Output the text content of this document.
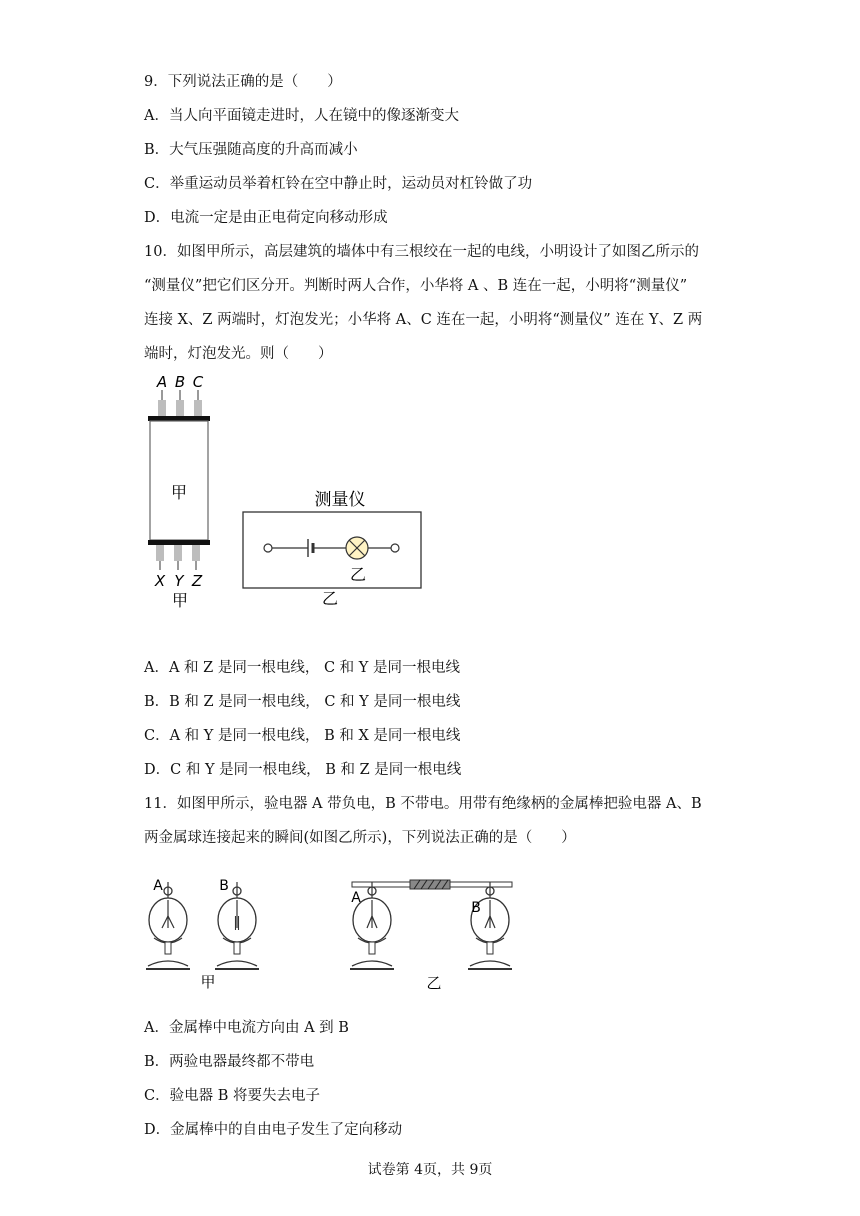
9．下列说法正确的是（　　）
A．当人向平面镜走进时，人在镜中的像逐渐变大
B．大气压强随高度的升高而减小
C．举重运动员举着杠铃在空中静止时，运动员对杠铃做了功
D．电流一定是由正电荷定向移动形成
10．如图甲所示，高层建筑的墙体中有三根绞在一起的电线，小明设计了如图乙所示的
“测量仪”把它们区分开。判断时两人合作，小华将 A 、B 连在一起，小明将“测量仪”
连接 X、Z 两端时，灯泡发光；小华将 A、C 连在一起，小明将“测量仪” 连在 Y、Z 两
端时，灯泡发光。则（　　）
A B C
甲
X Y Z
甲
测量仪
乙
乙
A．A 和 Z 是同一根电线， C 和 Y 是同一根电线
B．B 和 Z 是同一根电线， C 和 Y 是同一根电线
C．A 和 Y 是同一根电线， B 和 X 是同一根电线
D．C 和 Y 是同一根电线， B 和 Z 是同一根电线
11．如图甲所示，验电器 A 带负电，B 不带电。用带有绝缘柄的金属棒把验电器 A、B
两金属球连接起来的瞬间(如图乙所示)，下列说法正确的是（　　）
A	B
甲
A
B
乙
A．金属棒中电流方向由 A 到 B
B．两验电器最终都不带电
C．验电器 B 将要失去电子
D．金属棒中的自由电子发生了定向移动
试卷第 4页，共 9页
